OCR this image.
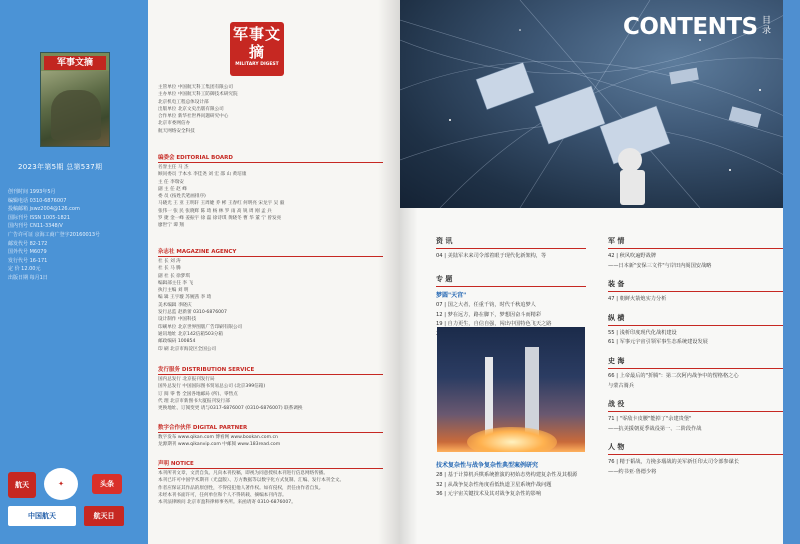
军事文摘
2023年第5期 总第537期
创刊时间 1993年5月
编辑电话 0310-6876007
投稿邮箱 jswz2004@126.com
国际刊号 ISSN 1005-1821
国内刊号 CN11-3348/V
广告许可证 京海工商广登字20160013号
邮发代号 82-172
国外代号 M6079
发行代号 16-171
定 价 12.00元
出版日期 每月1日
航天	✦	头条
中国航天	航天日
军事文摘
MILITARY DIGEST
主管单位 中国航天科工集团有限公司
主办单位 中国航天科工防御技术研究院
北京机电工程总体设计部
出版单位 北京文史出版有限公司
合作单位 新华社世界问题研究中心
北京市委网信办
航天网络安全科技
编委会 EDITORIAL BOARD
名誉主任 马 杰
顾问委员 于本水 李佳尧 刘 宏 邵 山 黄培康
主 任 李瑞安
副 主 任 赵 峰
委 员 (按姓氏笔画排序)
马晓光 王 亚 王明轩 王周婕 乔 彬 王春红 何明亮 宋龙宇 吴 毅
张伟一 张 民 张晓辉 陈 琦 杨 林 罗 雨 高 锐 周 刚 孟 兵
罗 捷 金一峰 姜振宇 徐 磊 徐诗琪 黄晓冬 曹 华 董 宁 曾发亮
廖世宁 谭 翔
杂志社 MAGAZINE AGENCY
社 长 刘 涛
社 长 马 腾
副 社 长 徐梦琪
编辑部主任 李 飞
执行主编 刘 明
编 辑 王宇璇 苏婉茜 李 琦
美术编辑 李晓庆
发行总监 赵新蕾 0310-6876007
设计制作 中国科技
印刷单位 北京世界图版广告印刷有限公司
通讯地址 北京142信箱503分箱
邮政编码 100854
印 刷 北京市海淀区全国公司
发行服务 DISTRIBUTION SERVICE
国内总发行 北京报刊发行局
国外总发行 中国国际图书贸易总公司 (北京399信箱)
订 阅 零 售 全国各地邮局 (所)、零售点
代 理 北京市新图书大厦报刊发行部
更换地址、订阅变更 请与0317-6876007 (0310-6876007) 联系调换
数字合作伙伴 DIGITAL PARTNER
数字发布 www.qikan.com 博看网 www.bookan.com.cn
龙源期刊 www.qikanvip.com 中邮阅 www.183read.com
声明 NOTICE
本刊所刊文章，文责自负。凡向本刊投稿，即视为同意授权本刊进行信息网络传播。
本刊已许可中国学术期刊（光盘版）、万方数据等以数字化方式复制、汇编、发行本刊全文。
作者应保证其作品的原创性，不得侵犯他人著作权。如有侵权，责任由作者自负。
未经本刊书面许可，任何单位和个人不得转载、摘编本刊内容。
本刊法律顾问 北京市盈科律师事务所。来函请寄 0310-6876007。
CONTENTS 目录
资 讯
04 | 美陆军未来司令部着眼于现代化新架构，等
专 题
梦圆"天宫"
07 | 国之大者，任重千钧，时代千秋追梦人
12 | 梦在远方，路在脚下，梦想因奋斗而精彩
19 | 自力更生，自信自强，闯出中国特色飞天之路
技术复杂性与战争复杂性典型案例研究
28 | 基于计算机兵棋系统推演的初始态势构建复杂性及其根源
32 | 从战争复杂性角度看低轨道卫星系统作战问题
36 | 元宇宙关键技术及其对战争复杂性的影响
军 情
42 | 秋风吹遍野战牌
——日本新"安保三文件"与岸田内阁国安战略
装 备
47 | 朝鲜火箭炮实力分析
纵 横
55 | 浅析印度现代化战机建设
61 | 军事元宇宙引领军事生态系统建设发展
史 海
66 | 上帝最后的"折腾"：第二次阿内战争中的愣格格之心
与蒙古骑兵
战 役
71 | "零敌卡皮腰"能掉了"余建贵堡"
——抗美援朝夏季战役第一、二阶段作战
人 物
76 | 精于韬战，力挽多瑙战的美军新任印太司令部参谋长
——约书亚·鲁德少将
